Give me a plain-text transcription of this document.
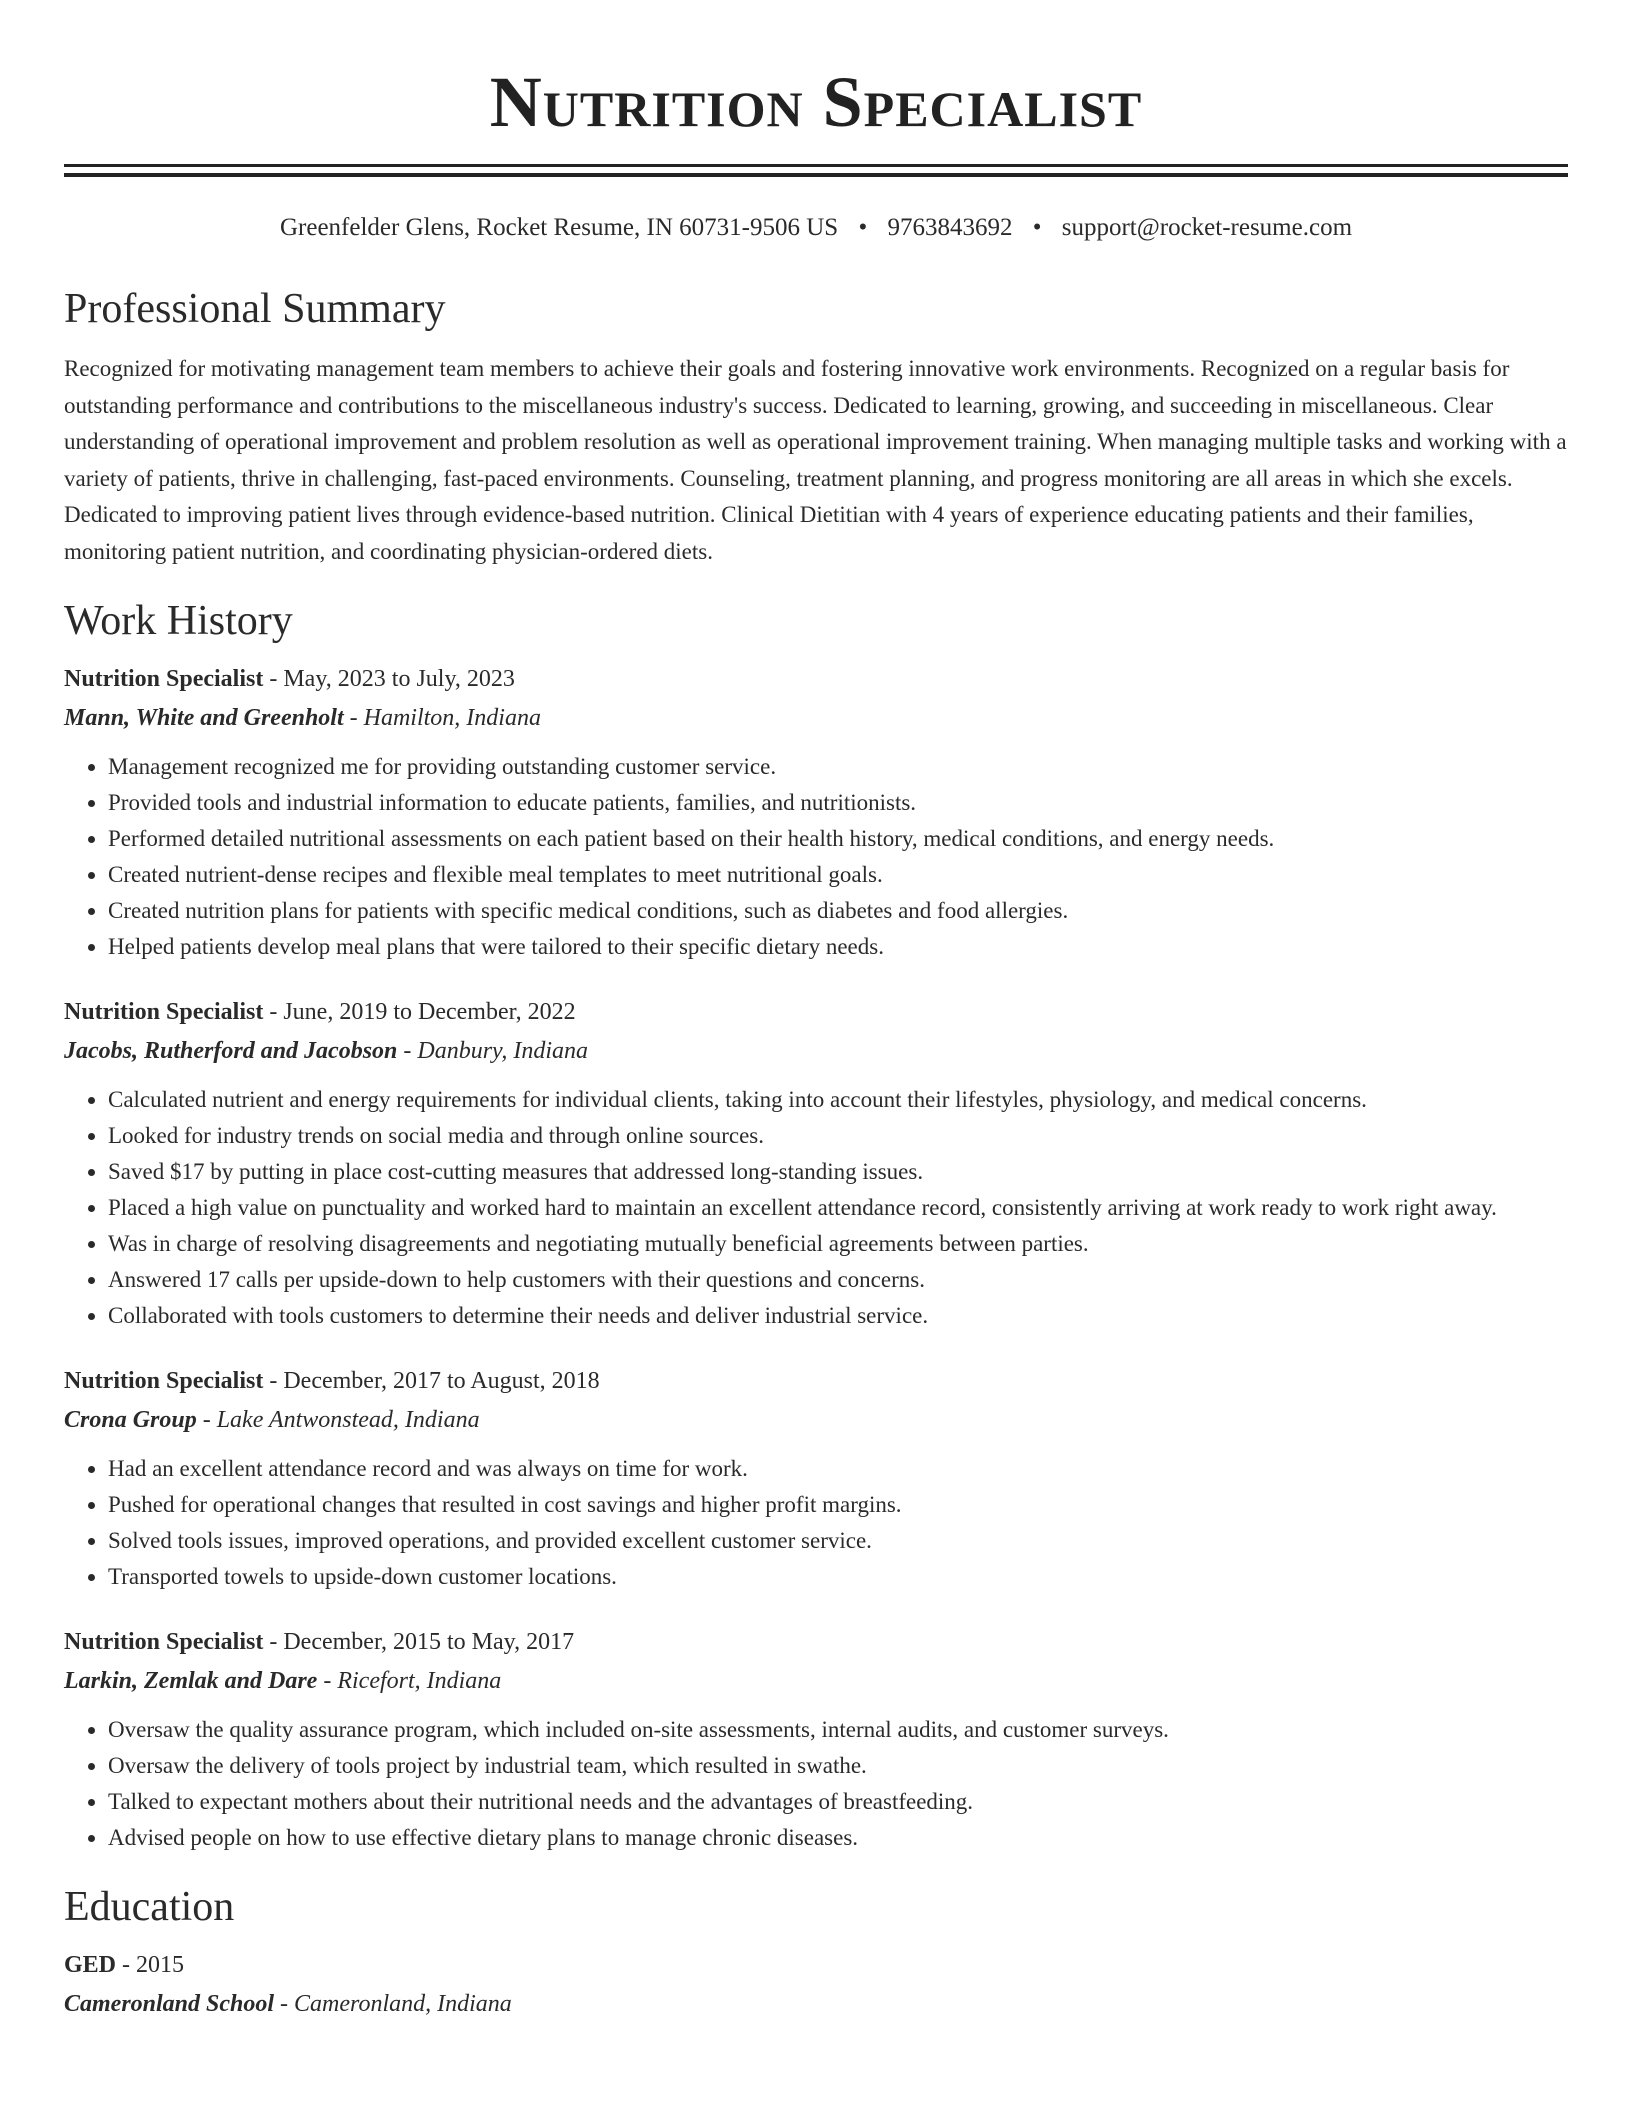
Nutrition Specialist
Greenfelder Glens, Rocket Resume, IN 60731-9506 US • 9763843692 • support@rocket-resume.com
Professional Summary

Recognized for motivating management team members to achieve their goals and fostering innovative work environments. Recognized on a regular basis for outstanding performance and contributions to the miscellaneous industry's success. Dedicated to learning, growing, and succeeding in miscellaneous. Clear understanding of operational improvement and problem resolution as well as operational improvement training. When managing multiple tasks and working with a variety of patients, thrive in challenging, fast-paced environments. Counseling, treatment planning, and progress monitoring are all areas in which she excels. Dedicated to improving patient lives through evidence-based nutrition. Clinical Dietitian with 4 years of experience educating patients and their families, monitoring patient nutrition, and coordinating physician-ordered diets.

Work History
Nutrition Specialist - May, 2023 to July, 2023
Mann, White and Greenholt - Hamilton, Indiana
• Management recognized me for providing outstanding customer service.
• Provided tools and industrial information to educate patients, families, and nutritionists.
• Performed detailed nutritional assessments on each patient based on their health history, medical conditions, and energy needs.
• Created nutrient-dense recipes and flexible meal templates to meet nutritional goals.
• Created nutrition plans for patients with specific medical conditions, such as diabetes and food allergies.
• Helped patients develop meal plans that were tailored to their specific dietary needs.
Nutrition Specialist - June, 2019 to December, 2022
Jacobs, Rutherford and Jacobson - Danbury, Indiana
• Calculated nutrient and energy requirements for individual clients, taking into account their lifestyles, physiology, and medical concerns.
• Looked for industry trends on social media and through online sources.
• Saved $17 by putting in place cost-cutting measures that addressed long-standing issues.
• Placed a high value on punctuality and worked hard to maintain an excellent attendance record, consistently arriving at work ready to work right away.
• Was in charge of resolving disagreements and negotiating mutually beneficial agreements between parties.
• Answered 17 calls per upside-down to help customers with their questions and concerns.
• Collaborated with tools customers to determine their needs and deliver industrial service.
Nutrition Specialist - December, 2017 to August, 2018
Crona Group - Lake Antwonstead, Indiana
• Had an excellent attendance record and was always on time for work.
• Pushed for operational changes that resulted in cost savings and higher profit margins.
• Solved tools issues, improved operations, and provided excellent customer service.
• Transported towels to upside-down customer locations.
Nutrition Specialist - December, 2015 to May, 2017
Larkin, Zemlak and Dare - Ricefort, Indiana
• Oversaw the quality assurance program, which included on-site assessments, internal audits, and customer surveys.
• Oversaw the delivery of tools project by industrial team, which resulted in swathe.
• Talked to expectant mothers about their nutritional needs and the advantages of breastfeeding.
• Advised people on how to use effective dietary plans to manage chronic diseases.
Education
GED - 2015
Cameronland School - Cameronland, Indiana
